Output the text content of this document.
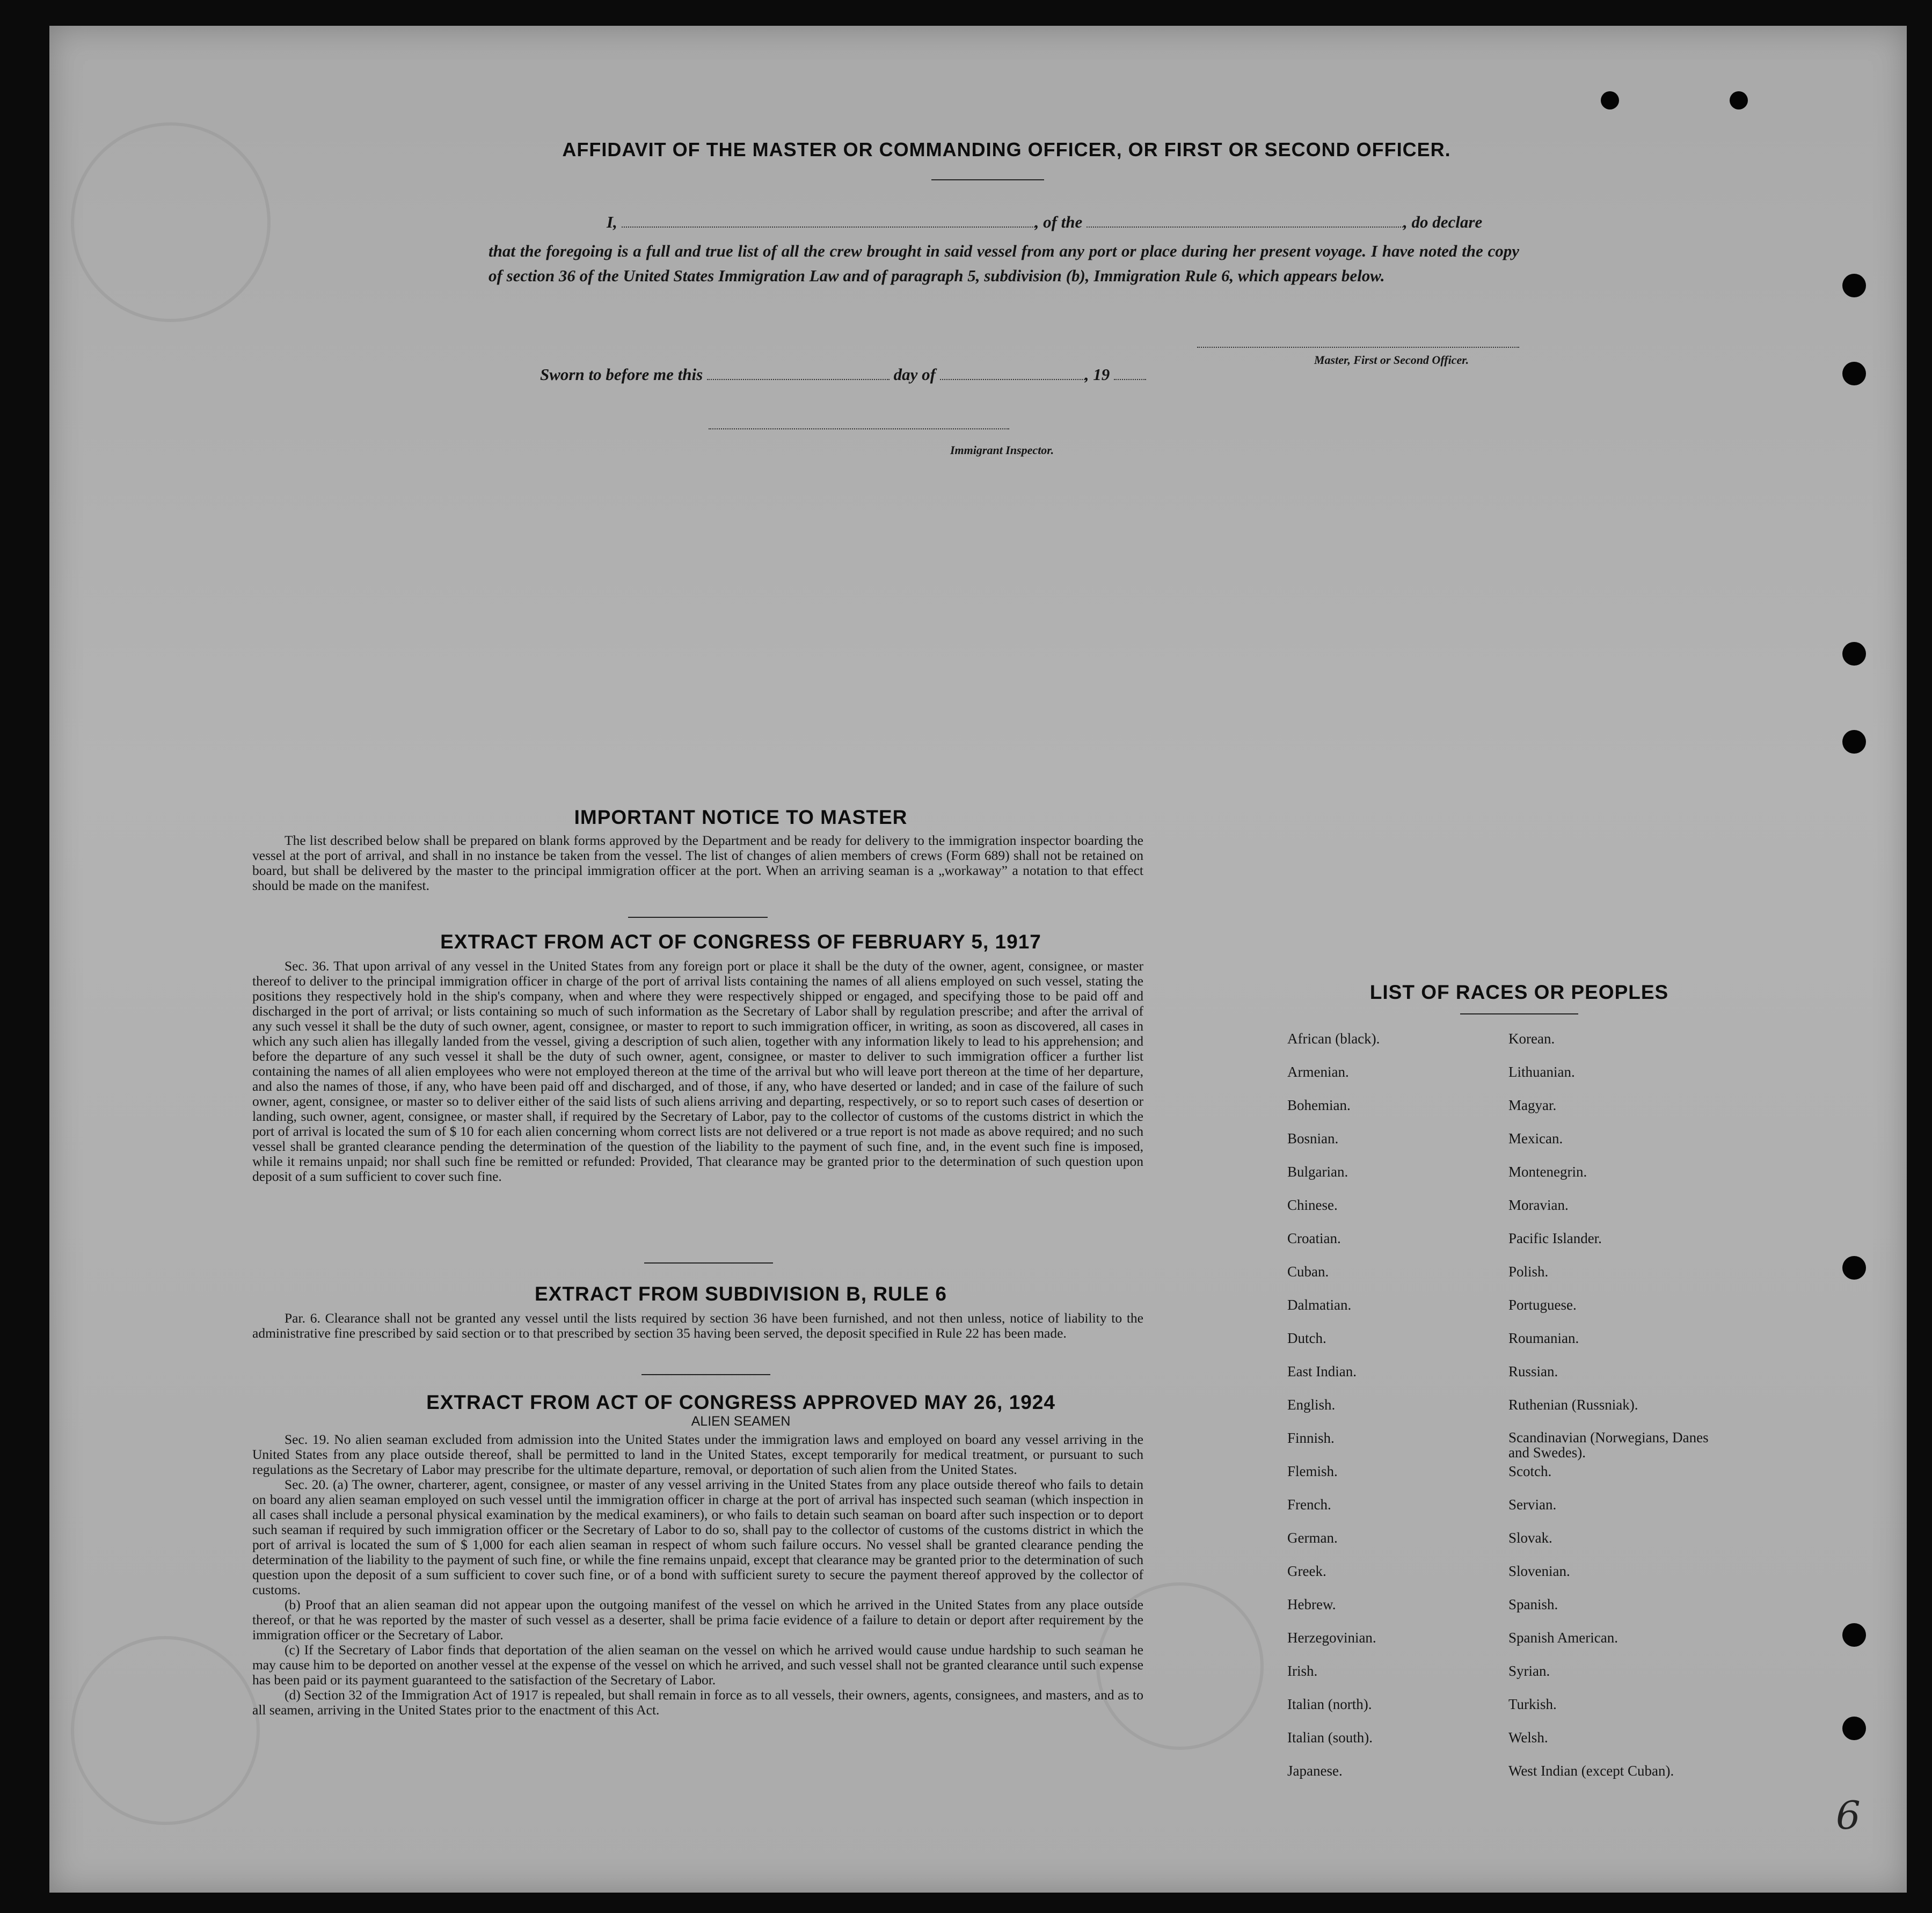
AFFIDAVIT OF THE MASTER OR COMMANDING OFFICER, OR FIRST OR SECOND OFFICER.
I,	, of the	, do declare
that the foregoing is a full and true list of all the crew brought in said vessel from any port or place during her present voyage. I have noted the copy of section 36 of the United States Immigration Law and of paragraph 5, subdivision (b), Immigration Rule 6, which appears below.
Master, First or Second Officer.
Sworn to before me this	day of	, 19
Immigrant Inspector.

IMPORTANT NOTICE TO MASTER

The list described below shall be prepared on blank forms approved by the Department and be ready for delivery to the immigration inspector boarding the vessel at the port of arrival, and shall in no instance be taken from the vessel. The list of changes of alien members of crews (Form 689) shall not be retained on board, but shall be delivered by the master to the principal immigration officer at the port. When an arriving seaman is a „workaway” a notation to that effect should be made on the manifest.

EXTRACT FROM ACT OF CONGRESS OF FEBRUARY 5, 1917

Sec. 36. That upon arrival of any vessel in the United States from any foreign port or place it shall be the duty of the owner, agent, consignee, or master thereof to deliver to the principal immigration officer in charge of the port of arrival lists containing the names of all aliens employed on such vessel, stating the positions they respectively hold in the ship's company, when and where they were respectively shipped or engaged, and specifying those to be paid off and discharged in the port of arrival; or lists containing so much of such information as the Secretary of Labor shall by regulation prescribe; and after the arrival of any such vessel it shall be the duty of such owner, agent, consignee, or master to report to such immigration officer, in writing, as soon as discovered, all cases in which any such alien has illegally landed from the vessel, giving a description of such alien, together with any information likely to lead to his apprehension; and before the departure of any such vessel it shall be the duty of such owner, agent, consignee, or master to deliver to such immigration officer a further list containing the names of all alien employees who were not employed thereon at the time of the arrival but who will leave port thereon at the time of her departure, and also the names of those, if any, who have been paid off and discharged, and of those, if any, who have deserted or landed; and in case of the failure of such owner, agent, consignee, or master so to deliver either of the said lists of such aliens arriving and departing, respectively, or so to report such cases of desertion or landing, such owner, agent, consignee, or master shall, if required by the Secretary of Labor, pay to the collector of customs of the customs district in which the port of arrival is located the sum of $ 10 for each alien concerning whom correct lists are not delivered or a true report is not made as above required; and no such vessel shall be granted clearance pending the determination of the question of the liability to the payment of such fine, and, in the event such fine is imposed, while it remains unpaid; nor shall such fine be remitted or refunded: Provided, That clearance may be granted prior to the determination of such question upon deposit of a sum sufficient to cover such fine.

EXTRACT FROM SUBDIVISION B, RULE 6

Par. 6. Clearance shall not be granted any vessel until the lists required by section 36 have been furnished, and not then unless, notice of liability to the administrative fine prescribed by said section or to that prescribed by section 35 having been served, the deposit specified in Rule 22 has been made.

EXTRACT FROM ACT OF CONGRESS APPROVED MAY 26, 1924
ALIEN SEAMEN

Sec. 19. No alien seaman excluded from admission into the United States under the immigration laws and employed on board any vessel arriving in the United States from any place outside thereof, shall be permitted to land in the United States, except temporarily for medical treatment, or pursuant to such regulations as the Secretary of Labor may prescribe for the ultimate departure, removal, or deportation of such alien from the United States.

Sec. 20. (a) The owner, charterer, agent, consignee, or master of any vessel arriving in the United States from any place outside thereof who fails to detain on board any alien seaman employed on such vessel until the immigration officer in charge at the port of arrival has inspected such seaman (which inspection in all cases shall include a personal physical examination by the medical examiners), or who fails to detain such seaman on board after such inspection or to deport such seaman if required by such immigration officer or the Secretary of Labor to do so, shall pay to the collector of customs of the customs district in which the port of arrival is located the sum of $ 1,000 for each alien seaman in respect of whom such failure occurs. No vessel shall be granted clearance pending the determination of the liability to the payment of such fine, or while the fine remains unpaid, except that clearance may be granted prior to the determination of such question upon the deposit of a sum sufficient to cover such fine, or of a bond with sufficient surety to secure the payment thereof approved by the collector of customs.

(b) Proof that an alien seaman did not appear upon the outgoing manifest of the vessel on which he arrived in the United States from any place outside thereof, or that he was reported by the master of such vessel as a deserter, shall be prima facie evidence of a failure to detain or deport after requirement by the immigration officer or the Secretary of Labor.

(c) If the Secretary of Labor finds that deportation of the alien seaman on the vessel on which he arrived would cause undue hardship to such seaman he may cause him to be deported on another vessel at the expense of the vessel on which he arrived, and such vessel shall not be granted clearance until such expense has been paid or its payment guaranteed to the satisfaction of the Secretary of Labor.

(d) Section 32 of the Immigration Act of 1917 is repealed, but shall remain in force as to all vessels, their owners, agents, consignees, and masters, and as to all seamen, arriving in the United States prior to the enactment of this Act.

LIST OF RACES OR PEOPLES
African (black).
Armenian.
Bohemian.
Bosnian.
Bulgarian.
Chinese.
Croatian.
Cuban.
Dalmatian.
Dutch.
East Indian.
English.
Finnish.
Flemish.
French.
German.
Greek.
Hebrew.
Herzegovinian.
Irish.
Italian (north).
Italian (south).
Japanese.
Korean.
Lithuanian.
Magyar.
Mexican.
Montenegrin.
Moravian.
Pacific Islander.
Polish.
Portuguese.
Roumanian.
Russian.
Ruthenian (Russniak).
Scandinavian (Norwegians, Danes and Swedes).
Scotch.
Servian.
Slovak.
Slovenian.
Spanish.
Spanish American.
Syrian.
Turkish.
Welsh.
West Indian (except Cuban).
6
